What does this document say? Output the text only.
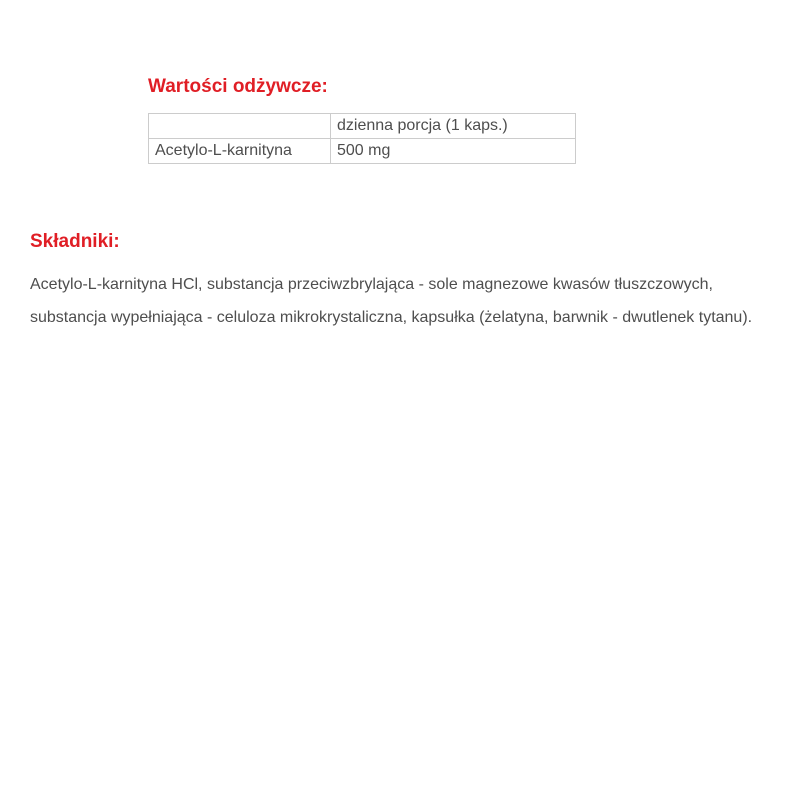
Wartości odżywcze:
	dzienna porcja (1 kaps.)
Acetylo-L-karnityna	500 mg
Składniki:

Acetylo-L-karnityna HCl, substancja przeciwzbrylająca - sole magnezowe kwasów tłuszczowych, substancja wypełniająca - celuloza mikrokrystaliczna, kapsułka (żelatyna, barwnik - dwutlenek tytanu).
